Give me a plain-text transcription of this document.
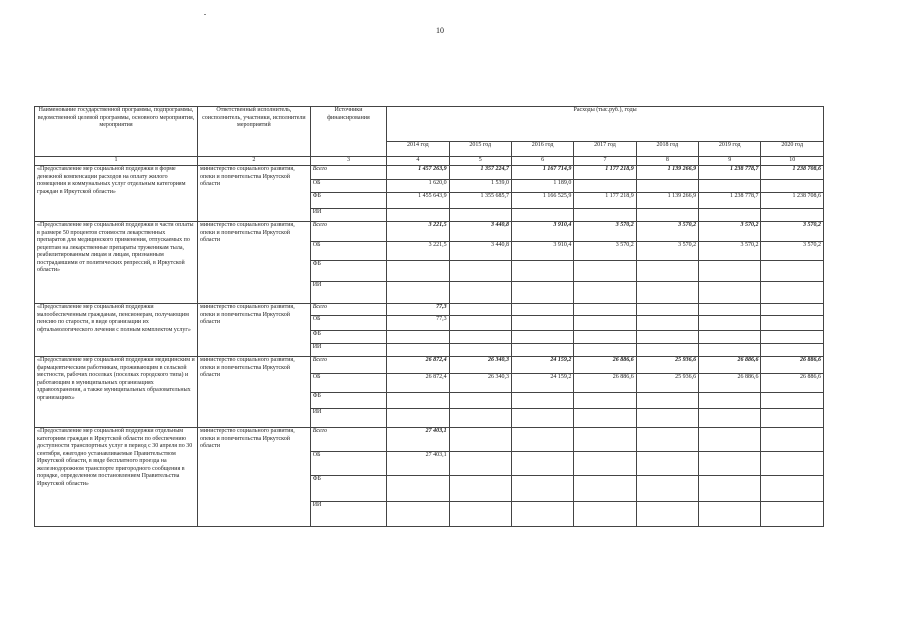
10
Наименование государственной программы, подпрограммы, ведомственной целевой программы, основного мероприятия, мероприятия	Ответственный исполнитель, соисполнитель, участники, исполнители мероприятий	Источники финансирования	Расходы (тыс.руб.), годы						
			2014 год	2015 год	2016 год	2017 год	2018 год	2019 год	2020 год
1	2	3	4	5	6	7	8	9	10
«Предоставление мер социальной поддержки в форме денежной компенсации расходов на оплату жилого помещения и коммунальных услуг отдельным категориям граждан в Иркутской области»	министерство социального развития, опеки и попечительства Иркутской области	Всего	1 457 263,9	1 357 224,7	1 167 714,9	1 177 218,9	1 139 266,9	1 238 778,7	1 238 708,6
		ОБ	1 620,0	1 539,0	1 189,0				
		ФБ	1 455 643,9	1 355 685,7	1 166 525,9	1 177 218,9	1 139 266,9	1 238 778,7	1 238 708,6
		ИИ							
«Предоставление мер социальной поддержки в части оплаты в размере 50 процентов стоимости лекарственных препаратов для медицинского применения, отпускаемых по рецептам на лекарственные препараты труженикам тыла, реабилитированным лицам и лицам, признанным пострадавшими от политических репрессий, в Иркутской области»	министерство социального развития, опеки и попечительства Иркутской области	Всего	3 221,5	3 440,8	3 910,4	3 570,2	3 570,2	3 570,2	3 570,2
		ОБ	3 221,5	3 440,8	3 910,4	3 570,2	3 570,2	3 570,2	3 570,2
		ФБ							
		ИИ							
«Предоставление мер социальной поддержки малообеспеченным гражданам, пенсионерам, получающим пенсию по старости, в виде организации их офтальмологического лечения с полным комплектом услуг»	министерство социального развития, опеки и попечительства Иркутской области	Всего	77,3						
		ОБ	77,3						
		ФБ							
		ИИ							
«Предоставление мер социальной поддержки медицинским и фармацевтическим работникам, проживающим в сельской местности, рабочих поселках (поселках городского типа) и работающим в муниципальных организациях здравоохранения, а также муниципальных образовательных организациях»	министерство социального развития, опеки и попечительства Иркутской области	Всего	26 872,4	26 340,3	24 159,2	26 886,6	25 936,6	26 886,6	26 886,6
		ОБ	26 872,4	26 340,3	24 159,2	26 886,6	25 936,6	26 886,6	26 886,6
		ФБ							
		ИИ							
«Предоставление мер социальной поддержки отдельным категориям граждан в Иркутской области по обеспечению доступности транспортных услуг в период с 30 апреля по 30 сентября, ежегодно устанавливаемые Правительством Иркутской области, в виде бесплатного проезда на железнодорожном транспорте пригородного сообщения в порядке, определенном постановлением Правительства Иркутской области»	министерство социального развития, опеки и попечительства Иркутской области	Всего	27 403,1						
		ОБ	27 403,1						
		ФБ							
		ИИ							
